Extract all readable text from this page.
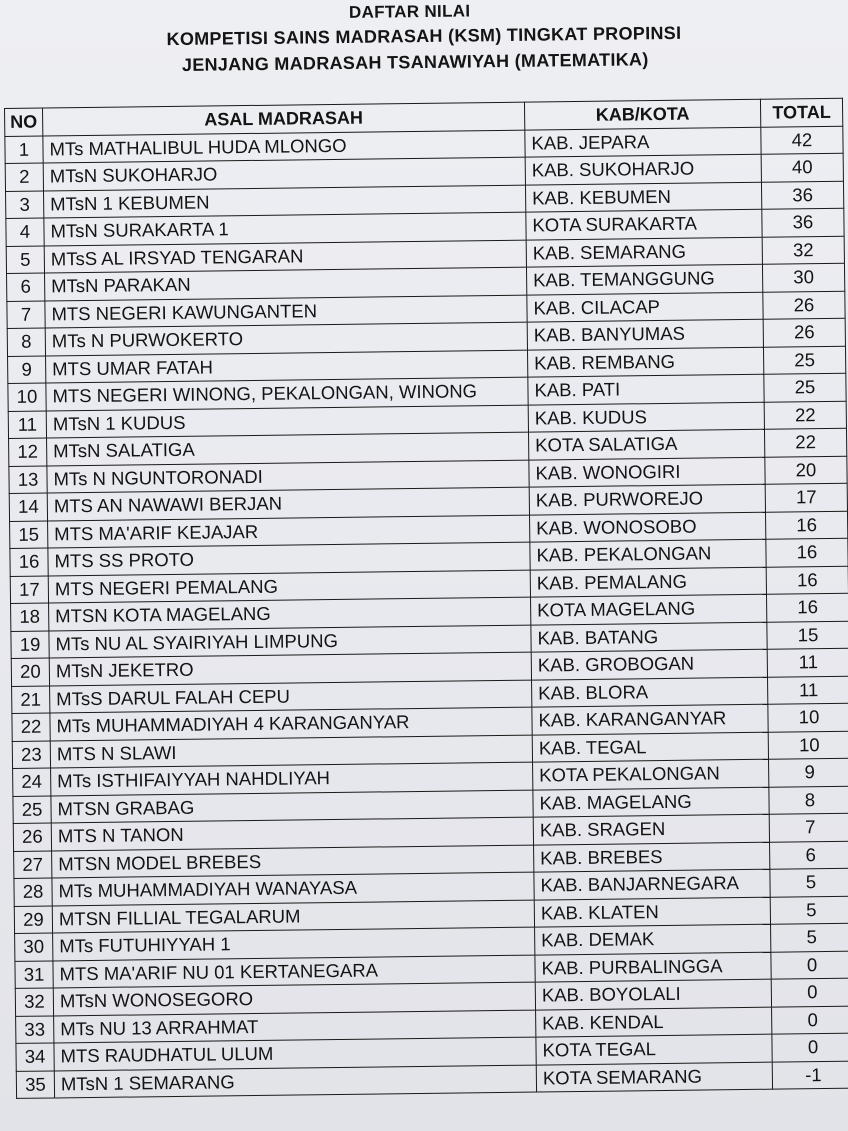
DAFTAR NILAI
KOMPETISI SAINS MADRASAH (KSM) TINGKAT PROPINSI
JENJANG MADRASAH TSANAWIYAH (MATEMATIKA)
NO	ASAL MADRASAH	KAB/KOTA	TOTAL
1	MTs MATHALIBUL HUDA MLONGO	KAB. JEPARA	42
2	MTsN SUKOHARJO	KAB. SUKOHARJO	40
3	MTsN 1 KEBUMEN	KAB. KEBUMEN	36
4	MTsN SURAKARTA 1	KOTA SURAKARTA	36
5	MTsS AL IRSYAD TENGARAN	KAB. SEMARANG	32
6	MTsN PARAKAN	KAB. TEMANGGUNG	30
7	MTS NEGERI KAWUNGANTEN	KAB. CILACAP	26
8	MTs N PURWOKERTO	KAB. BANYUMAS	26
9	MTS UMAR FATAH	KAB. REMBANG	25
10	MTS NEGERI WINONG, PEKALONGAN, WINONG	KAB. PATI	25
11	MTsN 1 KUDUS	KAB. KUDUS	22
12	MTsN SALATIGA	KOTA SALATIGA	22
13	MTs N NGUNTORONADI	KAB. WONOGIRI	20
14	MTS AN NAWAWI BERJAN	KAB. PURWOREJO	17
15	MTS MA'ARIF KEJAJAR	KAB. WONOSOBO	16
16	MTS SS PROTO	KAB. PEKALONGAN	16
17	MTS NEGERI PEMALANG	KAB. PEMALANG	16
18	MTSN KOTA MAGELANG	KOTA MAGELANG	16
19	MTs NU AL SYAIRIYAH LIMPUNG	KAB. BATANG	15
20	MTsN JEKETRO	KAB. GROBOGAN	11
21	MTsS DARUL FALAH CEPU	KAB. BLORA	11
22	MTs MUHAMMADIYAH 4 KARANGANYAR	KAB. KARANGANYAR	10
23	MTS N SLAWI	KAB. TEGAL	10
24	MTs ISTHIFAIYYAH NAHDLIYAH	KOTA PEKALONGAN	9
25	MTSN GRABAG	KAB. MAGELANG	8
26	MTS N TANON	KAB. SRAGEN	7
27	MTSN MODEL BREBES	KAB. BREBES	6
28	MTs MUHAMMADIYAH WANAYASA	KAB. BANJARNEGARA	5
29	MTSN FILLIAL TEGALARUM	KAB. KLATEN	5
30	MTs FUTUHIYYAH 1	KAB. DEMAK	5
31	MTS MA'ARIF NU 01 KERTANEGARA	KAB. PURBALINGGA	0
32	MTsN WONOSEGORO	KAB. BOYOLALI	0
33	MTs NU 13 ARRAHMAT	KAB. KENDAL	0
34	MTS RAUDHATUL ULUM	KOTA TEGAL	0
35	MTsN 1 SEMARANG	KOTA SEMARANG	-1
